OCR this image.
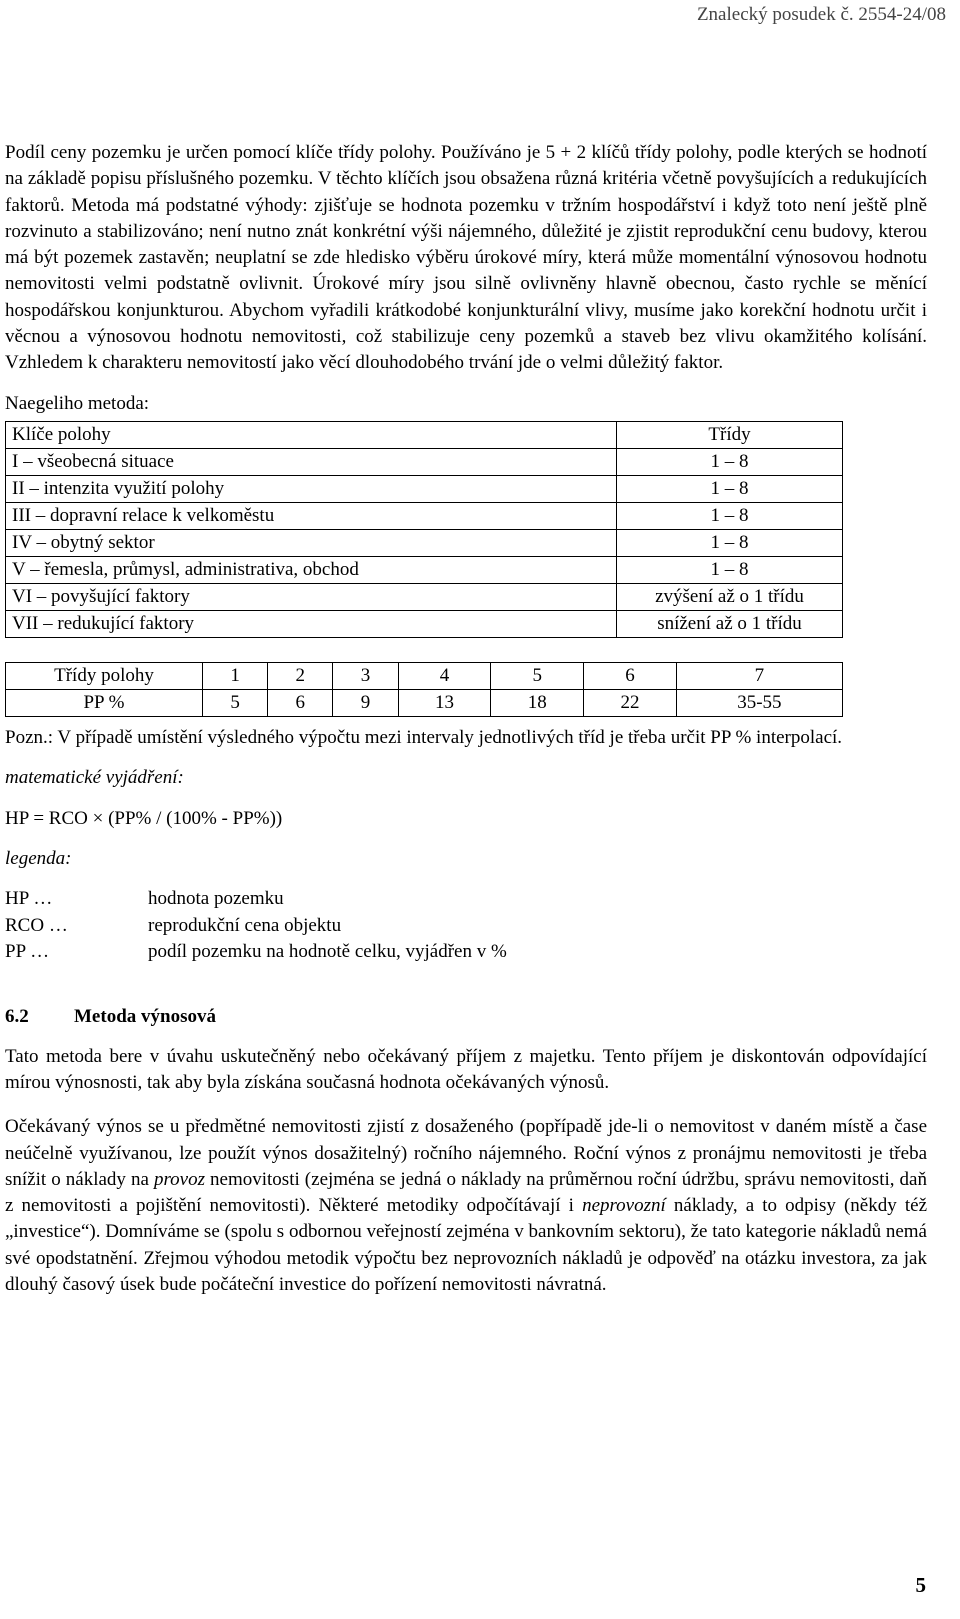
Znalecký posudek č. 2554-24/08

Podíl ceny pozemku je určen pomocí klíče třídy polohy. Používáno je 5 + 2 klíčů třídy polohy, podle kterých se hodnotí na základě popisu příslušného pozemku. V těchto klíčích jsou obsažena různá kritéria včetně povyšujících a redukujících faktorů. Metoda má podstatné výhody: zjišťuje se hodnota pozemku v tržním hospodářství i když toto není ještě plně rozvinuto a stabilizováno; není nutno znát konkrétní výši nájemného, důležité je zjistit reprodukční cenu budovy, kterou má být pozemek zastavěn; neuplatní se zde hledisko výběru úrokové míry, která může momentální výnosovou hodnotu nemovitosti velmi podstatně ovlivnit. Úrokové míry jsou silně ovlivněny hlavně obecnou, často rychle se měnící hospodářskou konjunkturou. Abychom vyřadili krátkodobé konjunkturální vlivy, musíme jako korekční hodnotu určit i věcnou a výnosovou hodnotu nemovitosti, což stabilizuje ceny pozemků a staveb bez vlivu okamžitého kolísání. Vzhledem k charakteru nemovitostí jako věcí dlouhodobého trvání jde o velmi důležitý faktor.

Naegeliho metoda:

Klíče polohy	Třídy
I – všeobecná situace	1 – 8
II – intenzita využití polohy	1 – 8
III – dopravní relace k velkoměstu	1 – 8
IV – obytný sektor	1 – 8
V – řemesla, průmysl, administrativa, obchod	1 – 8
VI – povyšující faktory	zvýšení až o 1 třídu
VII – redukující faktory	snížení až o 1 třídu
Třídy polohy	1	2	3	4	5	6	7
PP %	5	6	9	13	18	22	35-55

Pozn.: V případě umístění výsledného výpočtu mezi intervaly jednotlivých tříd je třeba určit PP % interpolací.

matematické vyjádření:

HP = RCO × (PP% / (100% - PP%))

legenda:

HP …	hodnota pozemku
RCO …	reprodukční cena objektu
PP …	podíl pozemku na hodnotě celku, vyjádřen v %
6.2 Metoda výnosová

Tato metoda bere v úvahu uskutečněný nebo očekávaný příjem z majetku. Tento příjem je diskontován odpovídající mírou výnosnosti, tak aby byla získána současná hodnota očekávaných výnosů.

Očekávaný výnos se u předmětné nemovitosti zjistí z dosaženého (popřípadě jde-li o nemovitost v daném místě a čase neúčelně využívanou, lze použít výnos dosažitelný) ročního nájemného. Roční výnos z pronájmu nemovitosti je třeba snížit o náklady na provoz nemovitosti (zejména se jedná o náklady na průměrnou roční údržbu, správu nemovitosti, daň z nemovitosti a pojištění nemovitosti). Některé metodiky odpočítávají i neprovozní náklady, a to odpisy (někdy též „investice“). Domníváme se (spolu s odbornou veřejností zejména v bankovním sektoru), že tato kategorie nákladů nemá své opodstatnění. Zřejmou výhodou metodik výpočtu bez neprovozních nákladů je odpověď na otázku investora, za jak dlouhý časový úsek bude počáteční investice do pořízení nemovitosti návratná.

5
